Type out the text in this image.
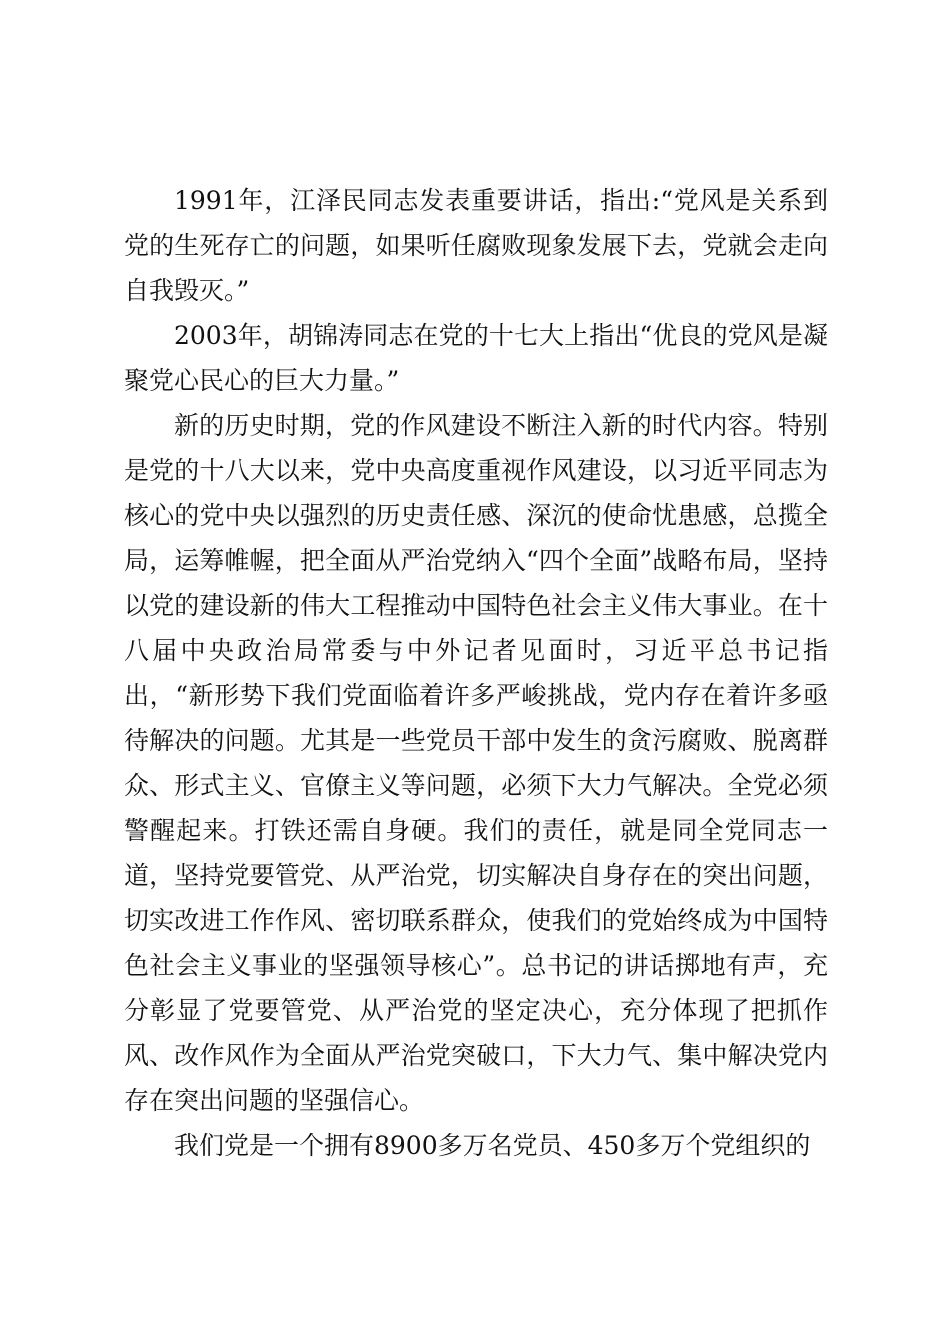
1991年，江泽民同志发表重要讲话，指出:“党风是关系到党的生死存亡的问题，如果听任腐败现象发展下去，党就会走向自我毁灭。”

2003年，胡锦涛同志在党的十七大上指出“优良的党风是凝聚党心民心的巨大力量。”

新的历史时期，党的作风建设不断注入新的时代内容。特别是党的十八大以来，党中央高度重视作风建设，以习近平同志为核心的党中央以强烈的历史责任感、深沉的使命忧患感，总揽全局，运筹帷幄，把全面从严治党纳入“四个全面”战略布局，坚持以党的建设新的伟大工程推动中国特色社会主义伟大事业。在十八届中央政治局常委与中外记者见面时，习近平总书记指出，“新形势下我们党面临着许多严峻挑战，党内存在着许多亟待解决的问题。尤其是一些党员干部中发生的贪污腐败、脱离群众、形式主义、官僚主义等问题，必须下大力气解决。全党必须警醒起来。打铁还需自身硬。我们的责任，就是同全党同志一道，坚持党要管党、从严治党，切实解决自身存在的突出问题，切实改进工作作风、密切联系群众，使我们的党始终成为中国特色社会主义事业的坚强领导核心”。总书记的讲话掷地有声，充分彰显了党要管党、从严治党的坚定决心，充分体现了把抓作风、改作风作为全面从严治党突破口，下大力气、集中解决党内存在突出问题的坚强信心。

我们党是一个拥有8900多万名党员、450多万个党组织的
